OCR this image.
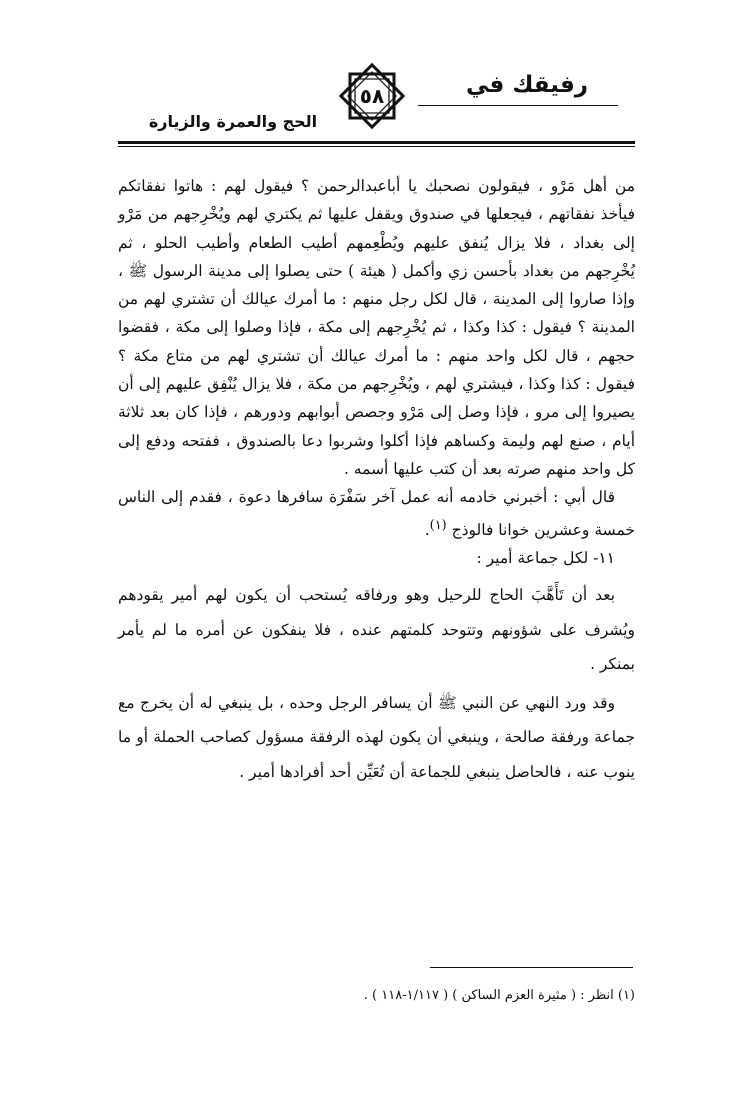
رفيقك في
٥٨
الحج والعمرة والزيارة

من أهل مَرْو ، فيقولون نصحبك يا أباعبدالرحمن ؟ فيقول لهم : هاتوا نفقاتكم فيأخذ نفقاتهم ، فيجعلها في صندوق ويقفل عليها ثم يكتري لهم ويُخْرِجهم من مَرْو إلى بغداد ، فلا يزال يُنفق عليهم ويُطْعِمهم أطيب الطعام وأطيب الحلو ، ثم يُخْرِجهم من بغداد بأحسن زي وأكمل ( هيئة ) حتى يصلوا إلى مدينة الرسول ﷺ ، وإذا صاروا إلى المدينة ، قال لكل رجل منهم : ما أمرك عيالك أن تشتري لهم من المدينة ؟ فيقول : كذا وكذا ، ثم يُخْرِجهم إلى مكة ، فإذا وصلوا إلى مكة ، فقضوا حجهم ، قال لكل واحد منهم : ما أمرك عيالك أن تشتري لهم من متاع مكة ؟ فيقول : كذا وكذا ، فيشتري لهم ، ويُخْرِجهم من مكة ، فلا يزال يُنْفِق عليهم إلى أن يصيروا إلى مرو ، فإذا وصل إلى مَرْو وجصص أبوابهم ودورهم ، فإذا كان بعد ثلاثة أيام ، صنع لهم وليمة وكساهم فإذا أكلوا وشربوا دعا بالصندوق ، ففتحه ودفع إلى كل واحد منهم صرته بعد أن كتب عليها أسمه .

قال أبي : أخبرني خادمه أنه عمل آخر سَفْرَة سافرها دعوة ، فقدم إلى الناس خمسة وعشرين خوانا فالوذج $^{(١)}$.

١١- لكل جماعة أمير :

بعد أن تَأَهَّبَ الحاج للرحيل وهو ورفاقه يُستحب أن يكون لهم أمير يقودهم ويُشرف على شؤونهم وتتوحد كلمتهم عنده ، فلا ينفكون عن أمره ما لم يأمر بمنكر .

وقد ورد النهي عن النبي ﷺ أن يسافر الرجل وحده ، بل ينبغي له أن يخرج مع جماعة ورفقة صالحة ، وينبغي أن يكون لهذه الرفقة مسؤول كصاحب الحملة أو ما ينوب عنه ، فالحاصل ينبغي للجماعة أن تُعَيِّن أحد أفرادها أمير .

(١) انظر : ( مثيرة العزم الساكن ) ( ١/١١٧-١١٨ ) .
